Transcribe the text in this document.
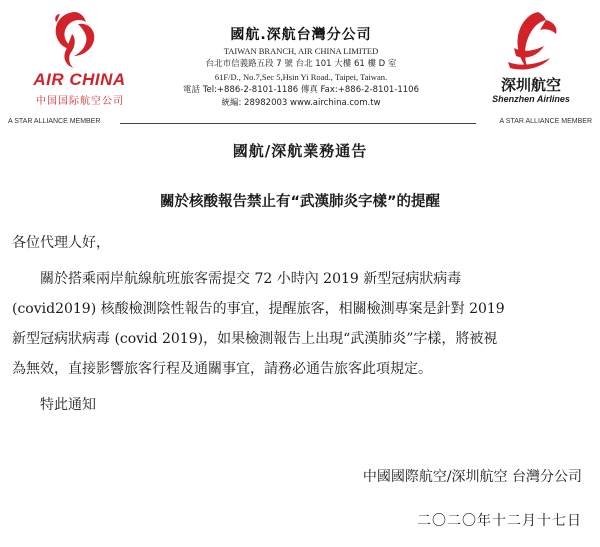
AIR CHINA
中国国际航空公司
國航.深航台灣分公司
TAIWAN BRANCH, AIR CHINA LIMITED
台北市信義路五段 7 號 台北 101 大樓 61 樓 D 室
61F/D., No.7,Sec 5,Hsin Yi Road., Taipei, Taiwan.
電話 Tel:+886-2-8101-1186 傳真 Fax:+886-2-8101-1106
統編: 28982003 www.airchina.com.tw
深圳航空
Shenzhen Airlines
A STAR ALLIANCE MEMBER	A STAR ALLIANCE MEMBER
國航/深航業務通告
關於核酸報告禁止有“武漢肺炎字樣”的提醒
各位代理人好，
關於搭乘兩岸航線航班旅客需提交 72 小時內 2019 新型冠病狀病毒
(covid2019) 核酸檢測陰性報告的事宜，提醒旅客，相關檢測專案是針對 2019
新型冠病狀病毒 (covid 2019)，如果檢測報告上出現“武漢肺炎”字樣，將被視
為無效，直接影響旅客行程及通關事宜，請務必通告旅客此項規定。
特此通知
中國國際航空/深圳航空 台灣分公司
二〇二〇年十二月十七日
